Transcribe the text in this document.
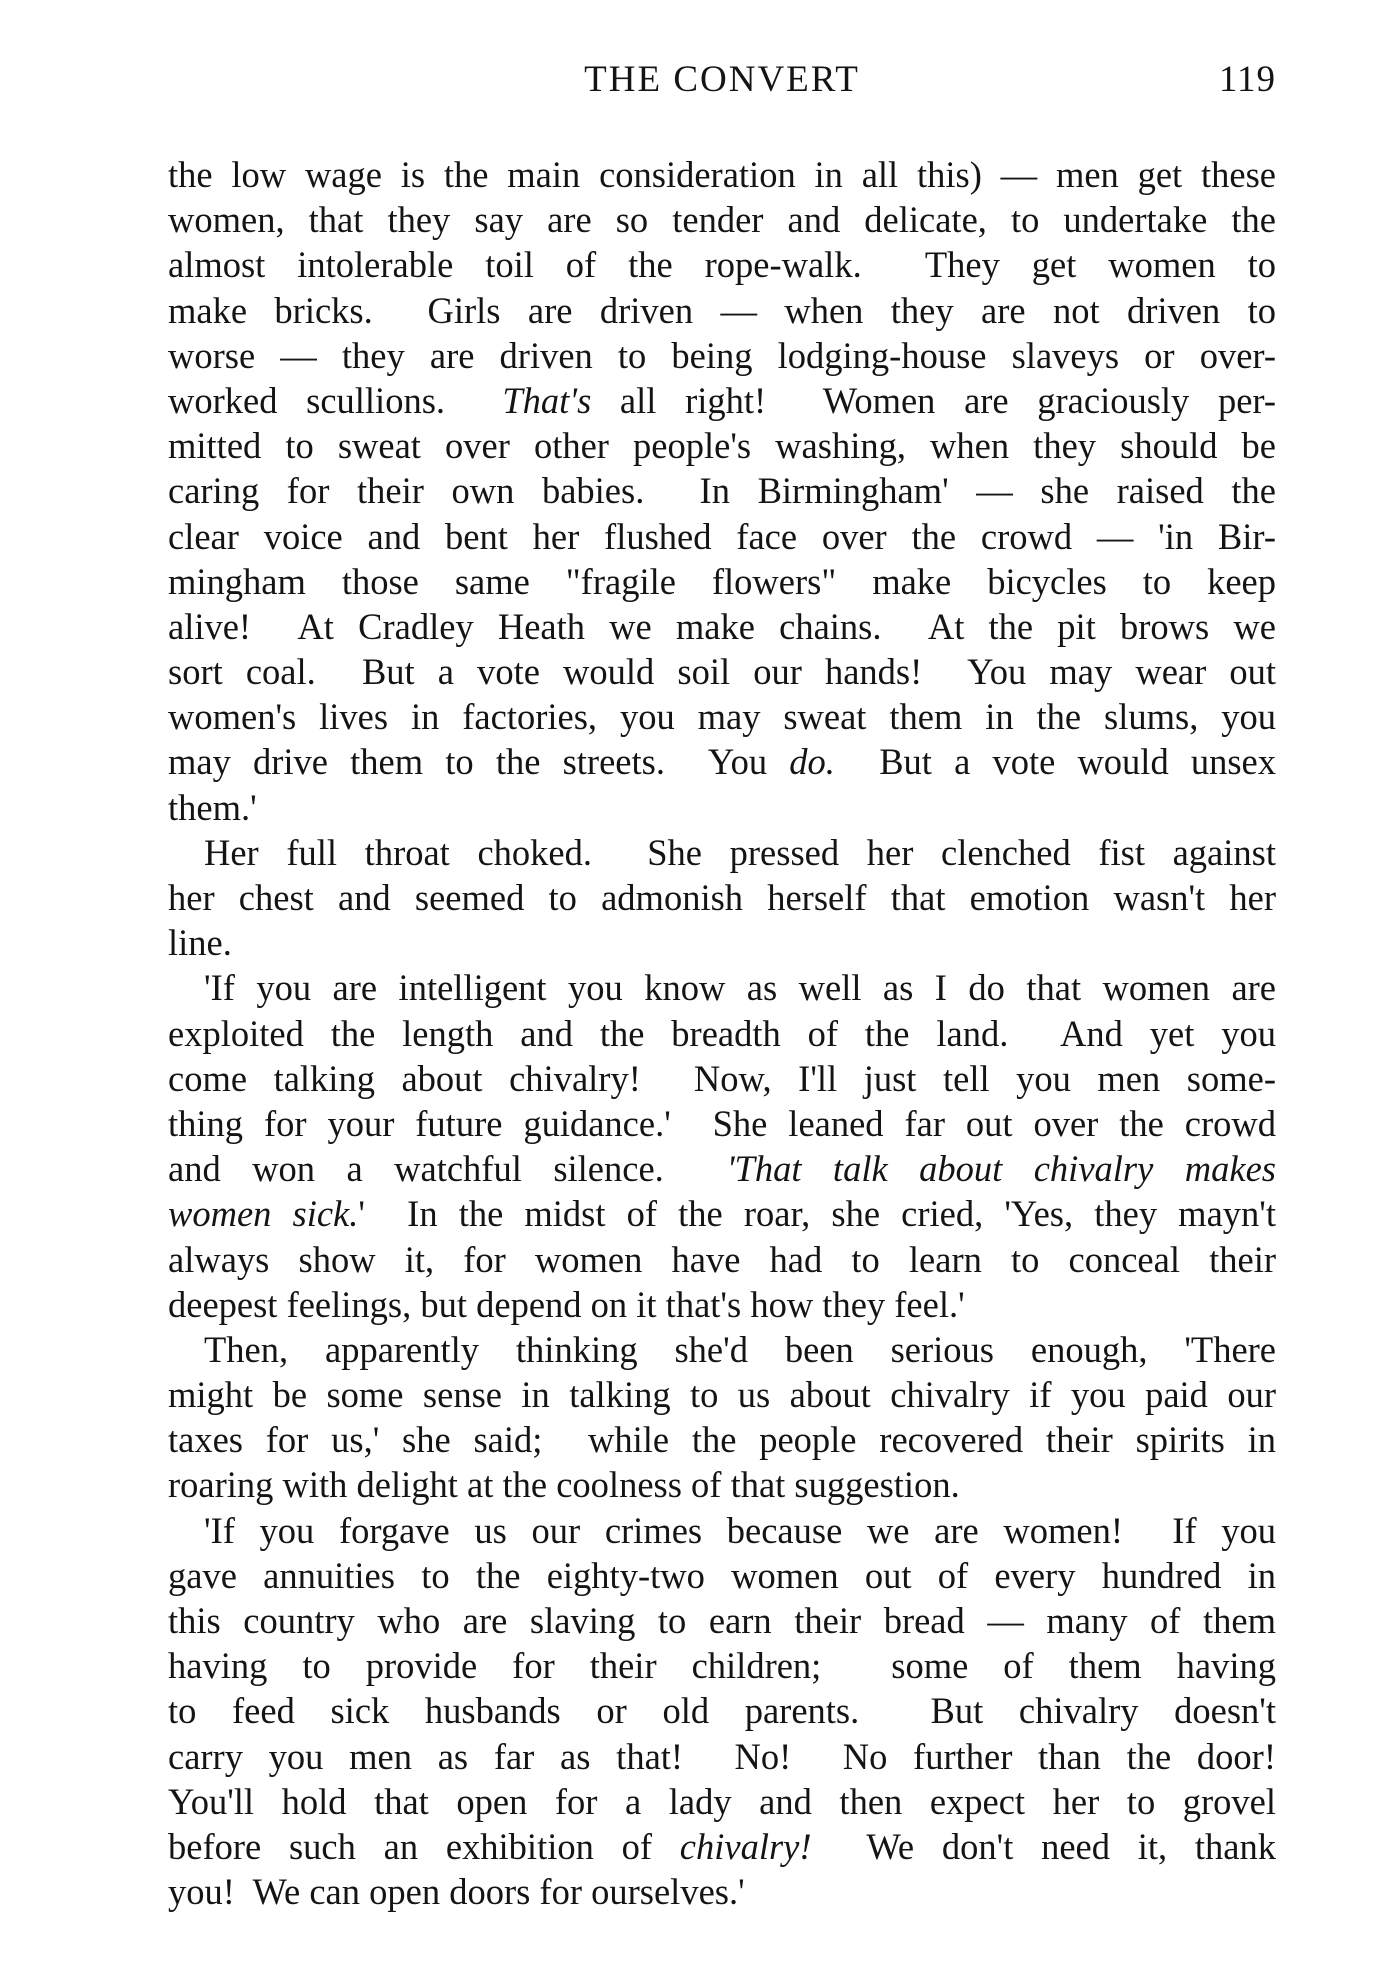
THE CONVERT	119
the low wage is the main consideration in all this) — men get these
women, that they say are so tender and delicate, to undertake the
almost intolerable toil of the rope-walk.  They get women to
make bricks.  Girls are driven — when they are not driven to
worse — they are driven to being lodging-house slaveys or over-
worked scullions.  That's all right!  Women are graciously per-
mitted to sweat over other people's washing, when they should be
caring for their own babies.  In Birmingham' — she raised the
clear voice and bent her flushed face over the crowd — 'in Bir-
mingham those same "fragile flowers" make bicycles to keep
alive!  At Cradley Heath we make chains.  At the pit brows we
sort coal.  But a vote would soil our hands!  You may wear out
women's lives in factories, you may sweat them in the slums, you
may drive them to the streets.  You do.  But a vote would unsex
them.'
Her full throat choked.  She pressed her clenched fist against
her chest and seemed to admonish herself that emotion wasn't her
line.
'If you are intelligent you know as well as I do that women are
exploited the length and the breadth of the land.  And yet you
come talking about chivalry!  Now, I'll just tell you men some-
thing for your future guidance.'  She leaned far out over the crowd
and won a watchful silence.  'That talk about chivalry makes
women sick.'  In the midst of the roar, she cried, 'Yes, they mayn't
always show it, for women have had to learn to conceal their
deepest feelings, but depend on it that's how they feel.'
Then, apparently thinking she'd been serious enough, 'There
might be some sense in talking to us about chivalry if you paid our
taxes for us,' she said;  while the people recovered their spirits in
roaring with delight at the coolness of that suggestion.
'If you forgave us our crimes because we are women!  If you
gave annuities to the eighty-two women out of every hundred in
this country who are slaving to earn their bread — many of them
having to provide for their children;  some of them having
to feed sick husbands or old parents.  But chivalry doesn't
carry you men as far as that!  No!  No further than the door!
You'll hold that open for a lady and then expect her to grovel
before such an exhibition of chivalry!  We don't need it, thank
you!  We can open doors for ourselves.'
